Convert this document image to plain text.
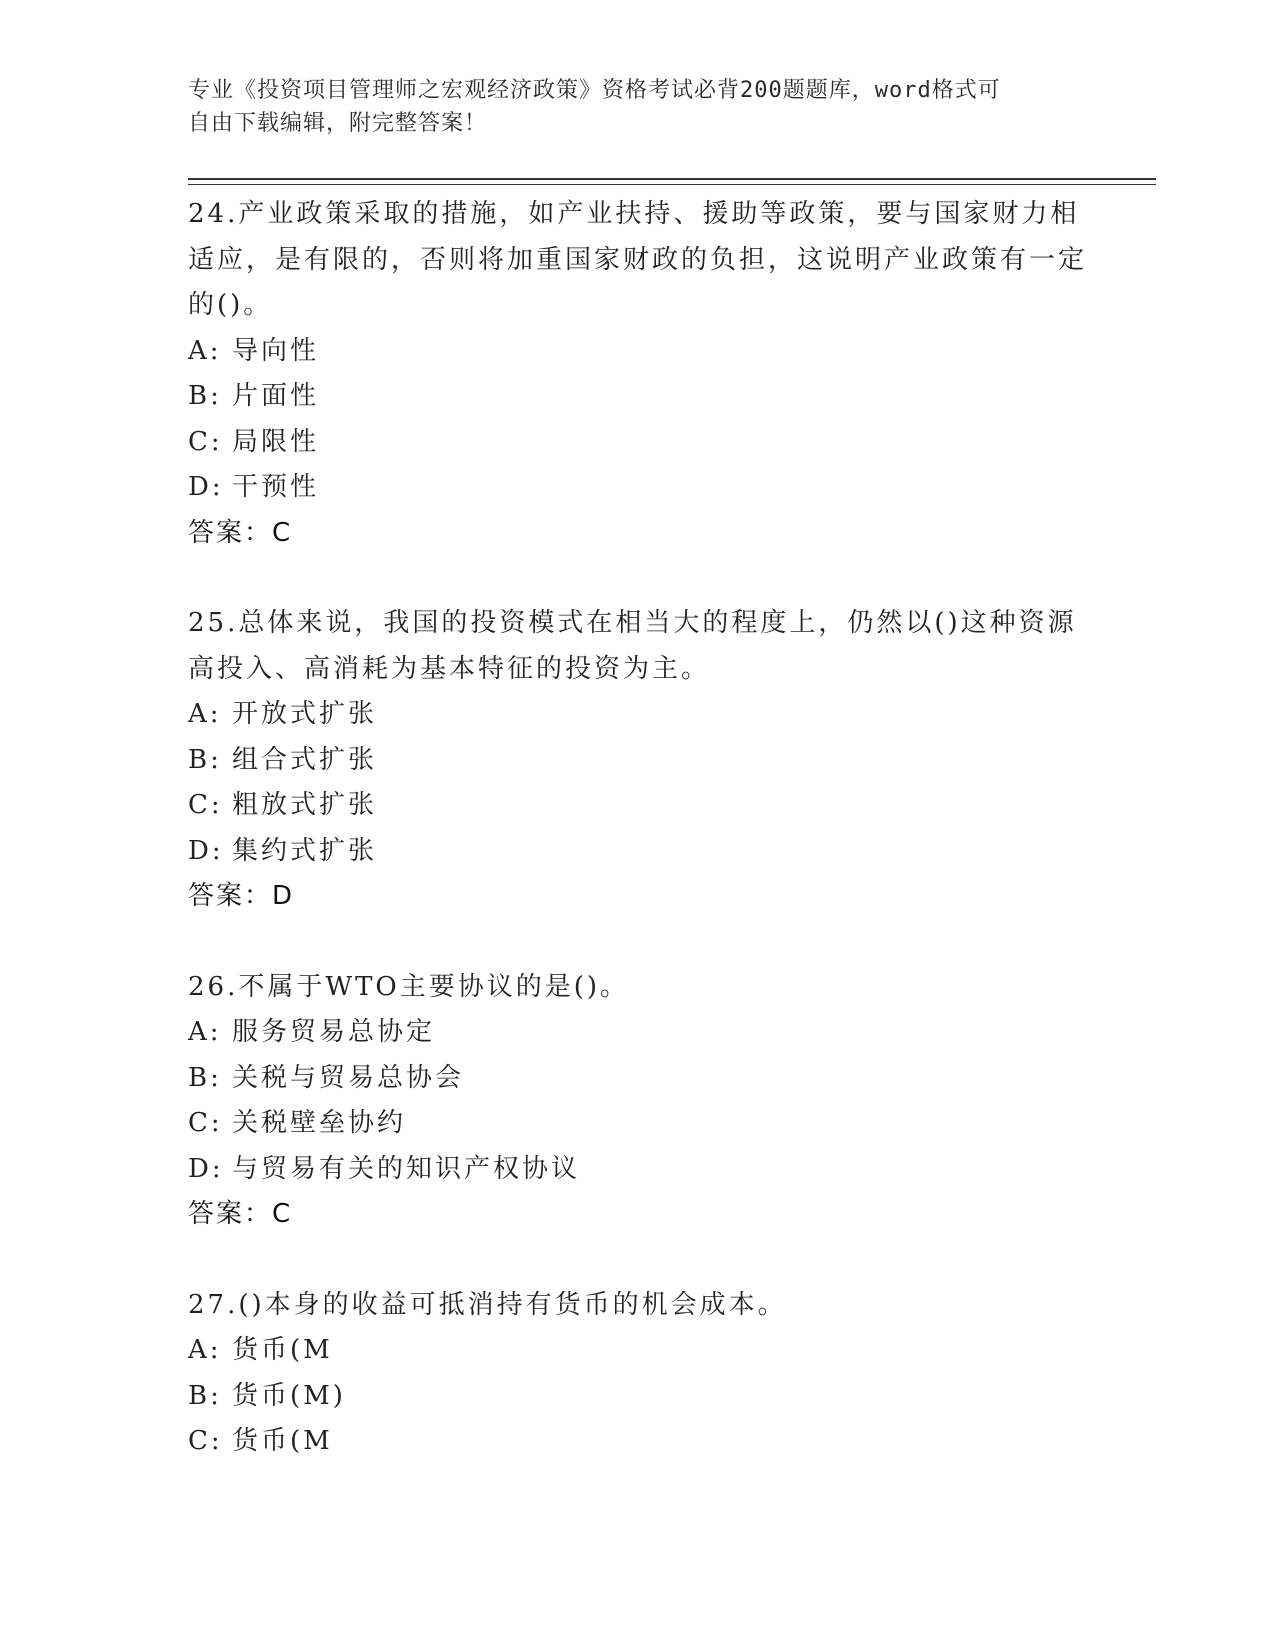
专业《投资项目管理师之宏观经济政策》资格考试必背200题题库，word格式可
自由下载编辑，附完整答案！

24.产业政策采取的措施，如产业扶持、援助等政策，要与国家财力相适应，是有限的，否则将加重国家财政的负担，这说明产业政策有一定的()。

A: 导向性

B: 片面性

C: 局限性

D: 干预性

答案：C

25.总体来说，我国的投资模式在相当大的程度上，仍然以()这种资源高投入、高消耗为基本特征的投资为主。

A: 开放式扩张

B: 组合式扩张

C: 粗放式扩张

D: 集约式扩张

答案：D

26.不属于WTO主要协议的是()。

A: 服务贸易总协定

B: 关税与贸易总协会

C: 关税壁垒协约

D: 与贸易有关的知识产权协议

答案：C

27.()本身的收益可抵消持有货币的机会成本。

A: 货币(M

B: 货币(M)

C: 货币(M
